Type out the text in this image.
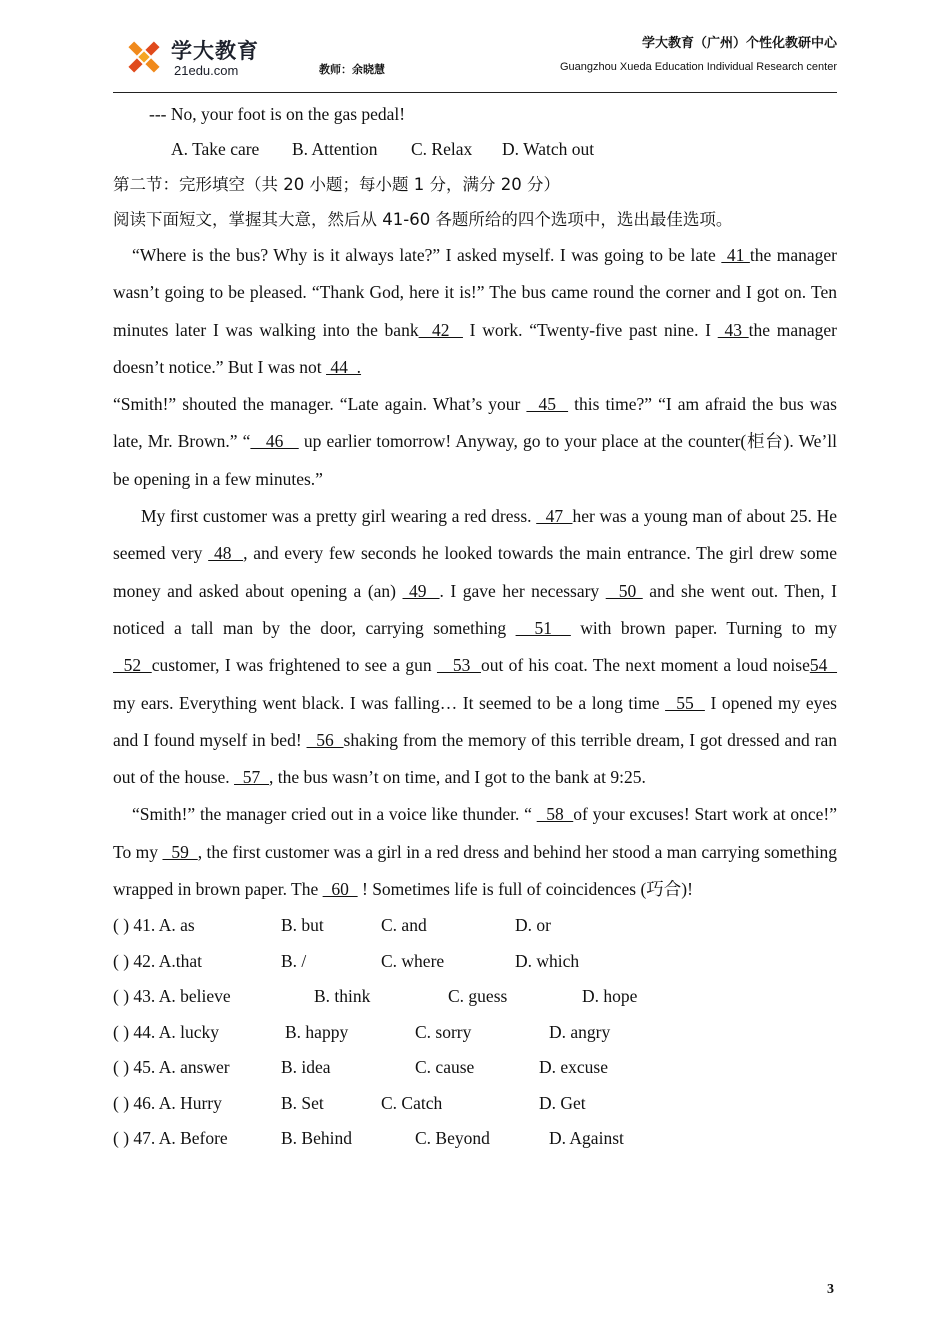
学大教育
21edu.com	教师：余晓慧
学大教育（广州）个性化教研中心
Guangzhou Xueda Education Individual Research center
--- No, your foot is on the gas pedal!
A. Take care B. Attention C. Relax D. Watch out
第二节：完形填空（共 20 小题；每小题 1 分，满分 20 分）
阅读下面短文，掌握其大意，然后从 41-60 各题所给的四个选项中，选出最佳选项。
“Where is the bus? Why is it always late?” I asked myself. I was going to be late  41 the manager wasn’t going to be pleased. “Thank God, here it is!” The bus came round the corner and I got on. Ten minutes later I was walking into the bank  42   I work. “Twenty-five past nine. I  43 the manager doesn’t notice.” But I was not  44  .
“Smith!” shouted the manager. “Late again. What’s your   45   this time?” “I am afraid the bus was late, Mr. Brown.” “   46    up earlier tomorrow! Anyway, go to your place at the counter(柜台). We’ll be opening in a few minutes.”
My first customer was a pretty girl wearing a red dress.   47  her was a young man of about 25. He seemed very  48  , and every few seconds he looked towards the main entrance. The girl drew some money and asked about opening a (an)  49  . I gave her necessary   50  and she went out. Then, I noticed a tall man by the door, carrying something   51   with brown paper. Turning to my  52  customer, I was frightened to see a gun    53  out of his coat. The next moment a loud noise54   my ears. Everything went black. I was falling… It seemed to be a long time   55   I opened my eyes and I found myself in bed!   56  shaking from the memory of this terrible dream, I got dressed and ran out of the house.   57  , the bus wasn’t on time, and I got to the bank at 9:25.
“Smith!” the manager cried out in a voice like thunder. “   58  of your excuses! Start work at once!” To my   59  , the first customer was a girl in a red dress and behind her stood a man carrying something wrapped in brown paper. The   60   ! Sometimes life is full of coincidences (巧合)!
( ) 41. A. as	B. but	C. and	D. or
( ) 42. A.that	B. /	C. where	D. which
( ) 43. A. believe	B. think	C. guess	D. hope
( ) 44. A. lucky	B. happy	C. sorry	D. angry
( ) 45. A. answer	B. idea	C. cause	D. excuse
( ) 46. A. Hurry	B. Set	C. Catch	D. Get
( ) 47. A. Before	B. Behind	C. Beyond	D. Against
3
